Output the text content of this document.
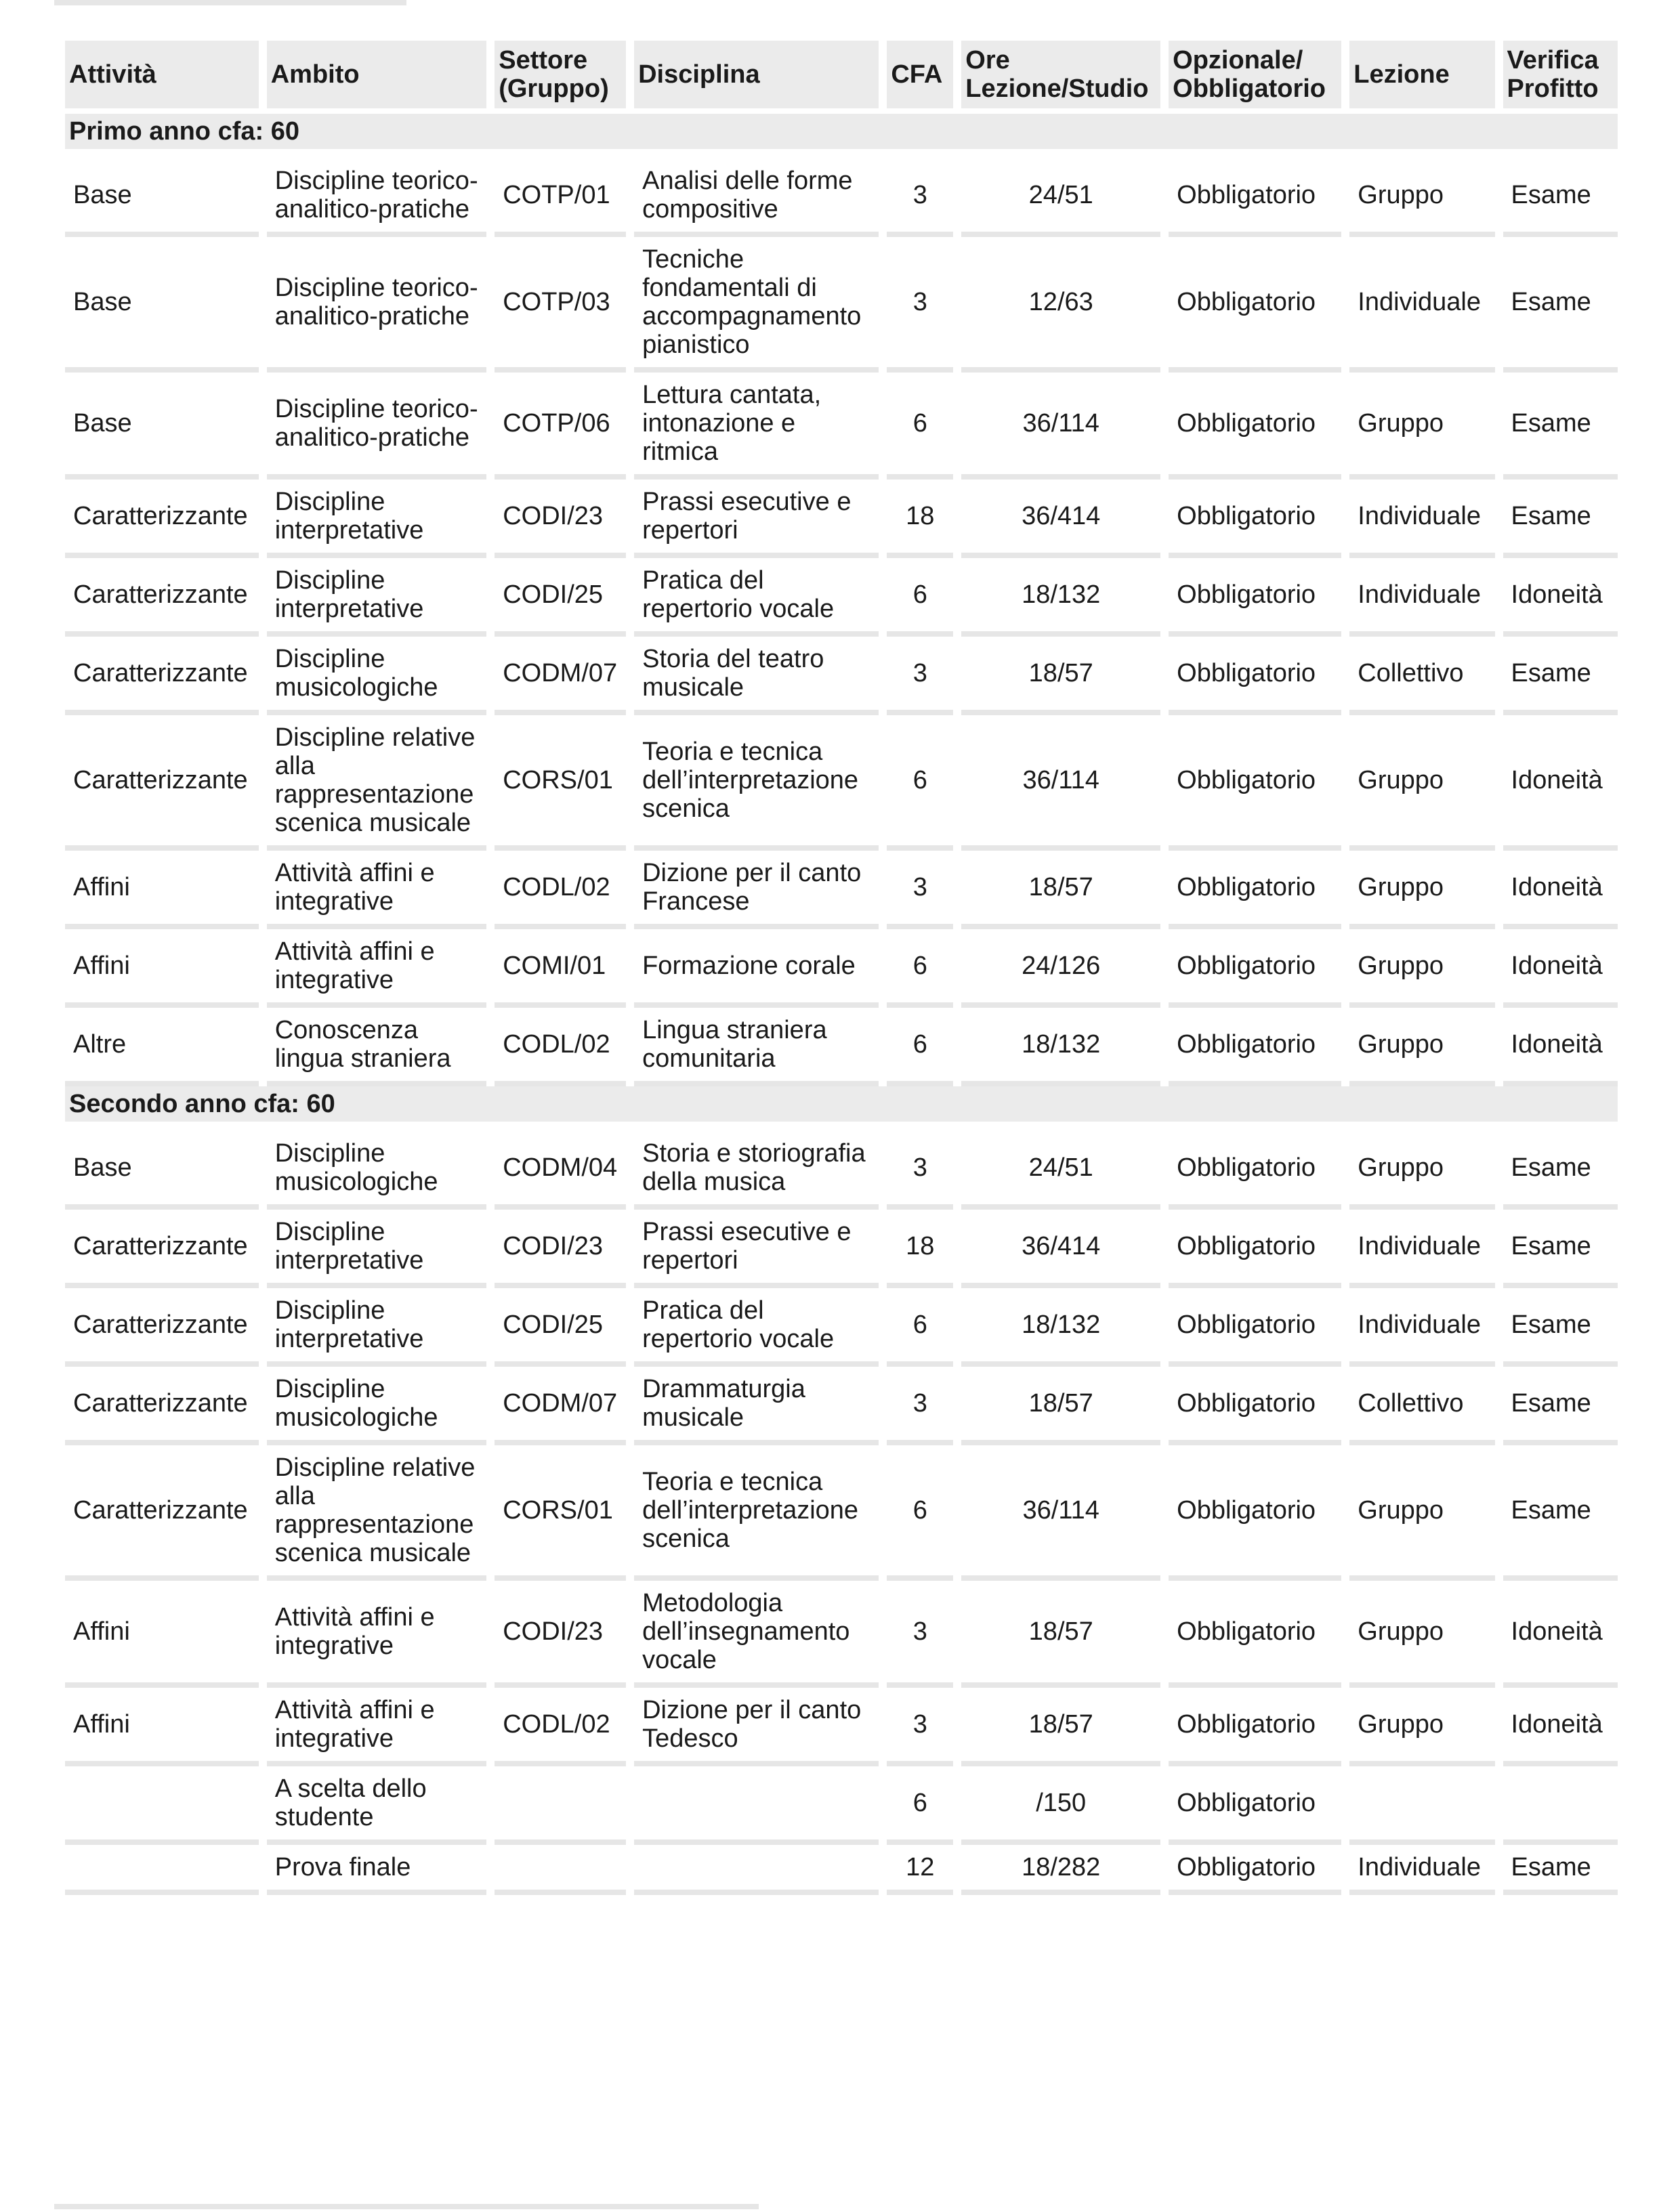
Attività	Ambito	Settore (Gruppo)	Disciplina	CFA	Ore Lezione/Studio	Opzionale/ Obbligatorio	Lezione	Verifica Profitto
Primo anno cfa: 60								
Base	Discipline teorico-analitico-pratiche	COTP/01	Analisi delle forme compositive	3	24/51	Obbligatorio	Gruppo	Esame
Base	Discipline teorico-analitico-pratiche	COTP/03	Tecniche fondamentali di accompagnamento pianistico	3	12/63	Obbligatorio	Individuale	Esame
Base	Discipline teorico-analitico-pratiche	COTP/06	Lettura cantata, intonazione e ritmica	6	36/114	Obbligatorio	Gruppo	Esame
Caratterizzante	Discipline interpretative	CODI/23	Prassi esecutive e repertori	18	36/414	Obbligatorio	Individuale	Esame
Caratterizzante	Discipline interpretative	CODI/25	Pratica del repertorio vocale	6	18/132	Obbligatorio	Individuale	Idoneità
Caratterizzante	Discipline musicologiche	CODM/07	Storia del teatro musicale	3	18/57	Obbligatorio	Collettivo	Esame
Caratterizzante	Discipline relative alla rappresentazione scenica musicale	CORS/01	Teoria e tecnica dell’interpretazione scenica	6	36/114	Obbligatorio	Gruppo	Idoneità
Affini	Attività affini e integrative	CODL/02	Dizione per il canto Francese	3	18/57	Obbligatorio	Gruppo	Idoneità
Affini	Attività affini e integrative	COMI/01	Formazione corale	6	24/126	Obbligatorio	Gruppo	Idoneità
Altre	Conoscenza lingua straniera	CODL/02	Lingua straniera comunitaria	6	18/132	Obbligatorio	Gruppo	Idoneità
Secondo anno cfa: 60								
Base	Discipline musicologiche	CODM/04	Storia e storiografia della musica	3	24/51	Obbligatorio	Gruppo	Esame
Caratterizzante	Discipline interpretative	CODI/23	Prassi esecutive e repertori	18	36/414	Obbligatorio	Individuale	Esame
Caratterizzante	Discipline interpretative	CODI/25	Pratica del repertorio vocale	6	18/132	Obbligatorio	Individuale	Esame
Caratterizzante	Discipline musicologiche	CODM/07	Drammaturgia musicale	3	18/57	Obbligatorio	Collettivo	Esame
Caratterizzante	Discipline relative alla rappresentazione scenica musicale	CORS/01	Teoria e tecnica dell’interpretazione scenica	6	36/114	Obbligatorio	Gruppo	Esame
Affini	Attività affini e integrative	CODI/23	Metodologia dell’insegnamento vocale	3	18/57	Obbligatorio	Gruppo	Idoneità
Affini	Attività affini e integrative	CODL/02	Dizione per il canto Tedesco	3	18/57	Obbligatorio	Gruppo	Idoneità
	A scelta dello studente			6	/150	Obbligatorio		
	Prova finale			12	18/282	Obbligatorio	Individuale	Esame
